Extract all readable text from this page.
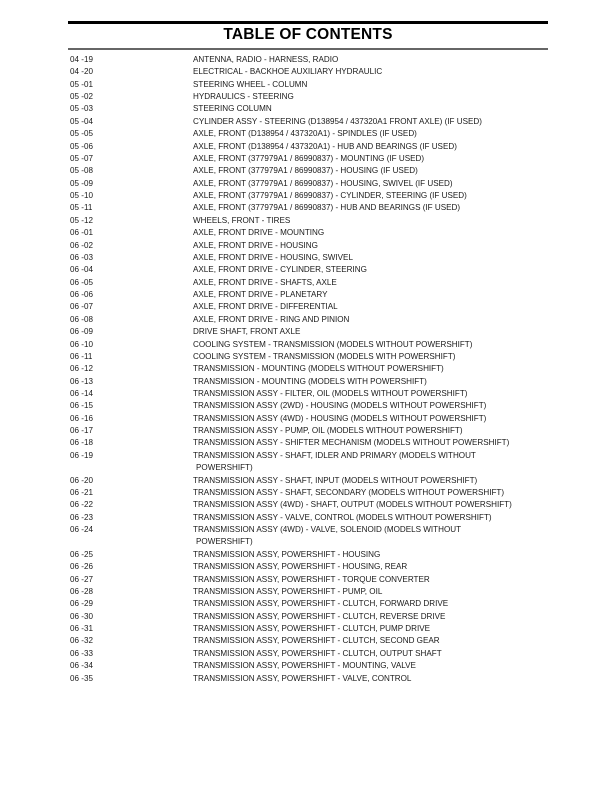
TABLE OF CONTENTS
04 -19	ANTENNA, RADIO - HARNESS, RADIO
04 -20	ELECTRICAL - BACKHOE AUXILIARY HYDRAULIC
05 -01	STEERING WHEEL - COLUMN
05 -02	HYDRAULICS - STEERING
05 -03	STEERING COLUMN
05 -04	CYLINDER ASSY - STEERING (D138954 / 437320A1 FRONT AXLE) (IF USED)
05 -05	AXLE, FRONT (D138954 / 437320A1) - SPINDLES (IF USED)
05 -06	AXLE, FRONT (D138954 / 437320A1) - HUB AND BEARINGS (IF USED)
05 -07	AXLE, FRONT (377979A1 / 86990837) - MOUNTING (IF USED)
05 -08	AXLE, FRONT (377979A1 / 86990837) - HOUSING (IF USED)
05 -09	AXLE, FRONT (377979A1 / 86990837) - HOUSING, SWIVEL (IF USED)
05 -10	AXLE, FRONT (377979A1 / 86990837) - CYLINDER, STEERING (IF USED)
05 -11	AXLE, FRONT (377979A1 / 86990837) - HUB AND BEARINGS (IF USED)
05 -12	WHEELS, FRONT - TIRES
06 -01	AXLE, FRONT DRIVE - MOUNTING
06 -02	AXLE, FRONT DRIVE - HOUSING
06 -03	AXLE, FRONT DRIVE - HOUSING, SWIVEL
06 -04	AXLE, FRONT DRIVE - CYLINDER, STEERING
06 -05	AXLE, FRONT DRIVE - SHAFTS, AXLE
06 -06	AXLE, FRONT DRIVE - PLANETARY
06 -07	AXLE, FRONT DRIVE - DIFFERENTIAL
06 -08	AXLE, FRONT DRIVE - RING AND PINION
06 -09	DRIVE SHAFT, FRONT AXLE
06 -10	COOLING SYSTEM - TRANSMISSION (MODELS WITHOUT POWERSHIFT)
06 -11	COOLING SYSTEM - TRANSMISSION (MODELS WITH POWERSHIFT)
06 -12	TRANSMISSION - MOUNTING (MODELS WITHOUT POWERSHIFT)
06 -13	TRANSMISSION - MOUNTING (MODELS WITH POWERSHIFT)
06 -14	TRANSMISSION ASSY - FILTER, OIL (MODELS WITHOUT POWERSHIFT)
06 -15	TRANSMISSION ASSY (2WD) - HOUSING (MODELS WITHOUT POWERSHIFT)
06 -16	TRANSMISSION ASSY (4WD) - HOUSING (MODELS WITHOUT POWERSHIFT)
06 -17	TRANSMISSION ASSY - PUMP, OIL (MODELS WITHOUT POWERSHIFT)
06 -18	TRANSMISSION ASSY - SHIFTER MECHANISM (MODELS WITHOUT POWERSHIFT)
06 -19	TRANSMISSION ASSY - SHAFT, IDLER AND PRIMARY (MODELS WITHOUT
POWERSHIFT)
06 -20	TRANSMISSION ASSY - SHAFT, INPUT (MODELS WITHOUT POWERSHIFT)
06 -21	TRANSMISSION ASSY - SHAFT, SECONDARY (MODELS WITHOUT POWERSHIFT)
06 -22	TRANSMISSION ASSY (4WD) - SHAFT, OUTPUT (MODELS WITHOUT POWERSHIFT)
06 -23	TRANSMISSION ASSY - VALVE, CONTROL (MODELS WITHOUT POWERSHIFT)
06 -24	TRANSMISSION ASSY (4WD) - VALVE, SOLENOID (MODELS WITHOUT
POWERSHIFT)
06 -25	TRANSMISSION ASSY, POWERSHIFT - HOUSING
06 -26	TRANSMISSION ASSY, POWERSHIFT - HOUSING, REAR
06 -27	TRANSMISSION ASSY, POWERSHIFT - TORQUE CONVERTER
06 -28	TRANSMISSION ASSY, POWERSHIFT - PUMP, OIL
06 -29	TRANSMISSION ASSY, POWERSHIFT - CLUTCH, FORWARD DRIVE
06 -30	TRANSMISSION ASSY, POWERSHIFT - CLUTCH, REVERSE DRIVE
06 -31	TRANSMISSION ASSY, POWERSHIFT - CLUTCH, PUMP DRIVE
06 -32	TRANSMISSION ASSY, POWERSHIFT - CLUTCH, SECOND GEAR
06 -33	TRANSMISSION ASSY, POWERSHIFT - CLUTCH, OUTPUT SHAFT
06 -34	TRANSMISSION ASSY, POWERSHIFT - MOUNTING, VALVE
06 -35	TRANSMISSION ASSY, POWERSHIFT - VALVE, CONTROL
